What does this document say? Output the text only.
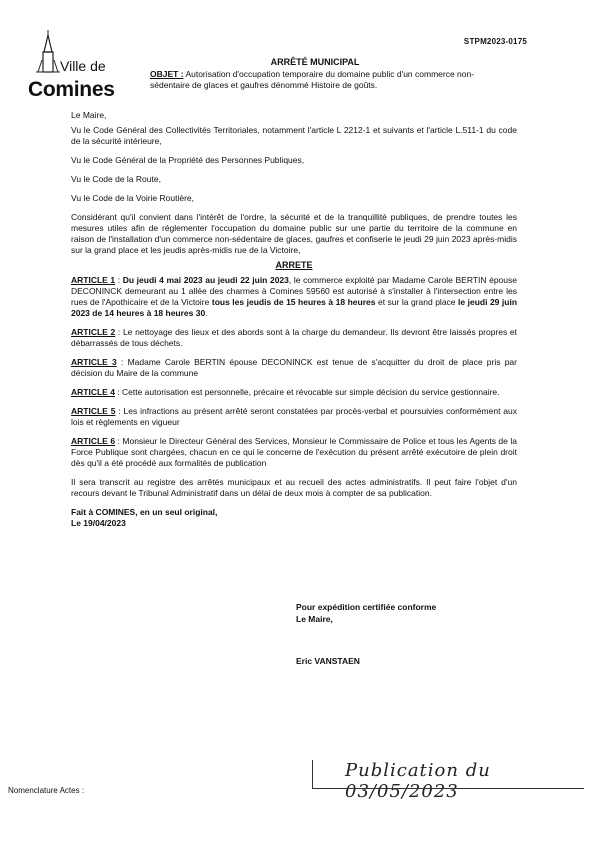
STPM2023-0175
Ville de
Comines
ARRÊTÉ MUNICIPAL
OBJET : Autorisation d'occupation temporaire du domaine public d'un commerce non-sédentaire de glaces et gaufres dénommé Histoire de goûts.

Le Maire,

Vu le Code Général des Collectivités Territoriales, notamment l'article L 2212-1 et suivants et l'article L.511-1 du code de la sécurité intérieure,

Vu le Code Général de la Propriété des Personnes Publiques,

Vu le Code de la Route,

Vu le Code de la Voirie Routière,

Considérant qu'il convient dans l'intérêt de l'ordre, la sécurité et de la tranquillité publiques, de prendre toutes les mesures utiles afin de réglementer l'occupation du domaine public sur une partie du territoire de la commune en raison de l'installation d'un commerce non-sédentaire de glaces, gaufres et confiserie le jeudi 29 juin 2023 après-midis sur la grand place et les jeudis après-midis rue de la Victoire,

ARRETE

ARTICLE 1 : Du jeudi 4 mai 2023 au jeudi 22 juin 2023, le commerce exploité par Madame Carole BERTIN épouse DECONINCK demeurant au 1 allée des charmes à Comines 59560 est autorisé à s'installer à l'intersection entre les rues de l'Apothicaire et de la Victoire tous les jeudis de 15 heures à 18 heures et sur la grand place le jeudi 29 juin 2023 de 14 heures à 18 heures 30.

ARTICLE 2 : Le nettoyage des lieux et des abords sont à la charge du demandeur. Ils devront être laissés propres et débarrassés de tous déchets.

ARTICLE 3 : Madame Carole BERTIN épouse DECONINCK est tenue de s'acquitter du droit de place pris par décision du Maire de la commune

ARTICLE 4 : Cette autorisation est personnelle, précaire et révocable sur simple décision du service gestionnaire.

ARTICLE 5 : Les infractions au présent arrêté seront constatées par procès-verbal et poursuivies conformément aux lois et règlements en vigueur

ARTICLE 6 : Monsieur le Directeur Général des Services, Monsieur le Commissaire de Police et tous les Agents de la Force Publique sont chargées, chacun en ce qui le concerne de l'exécution du présent arrêté exécutoire de plein droit dès qu'il a été procédé aux formalités de publication

Il sera transcrit au registre des arrêtés municipaux et au recueil des actes administratifs. Il peut faire l'objet d'un recours devant le Tribunal Administratif dans un délai de deux mois à compter de sa publication.

Fait à COMINES, en un seul original,

Le 19/04/2023

Pour expédition certifiée conforme
Le Maire,
Eric VANSTAEN
Publication du 03/05/2023
Nomenclature Actes :
